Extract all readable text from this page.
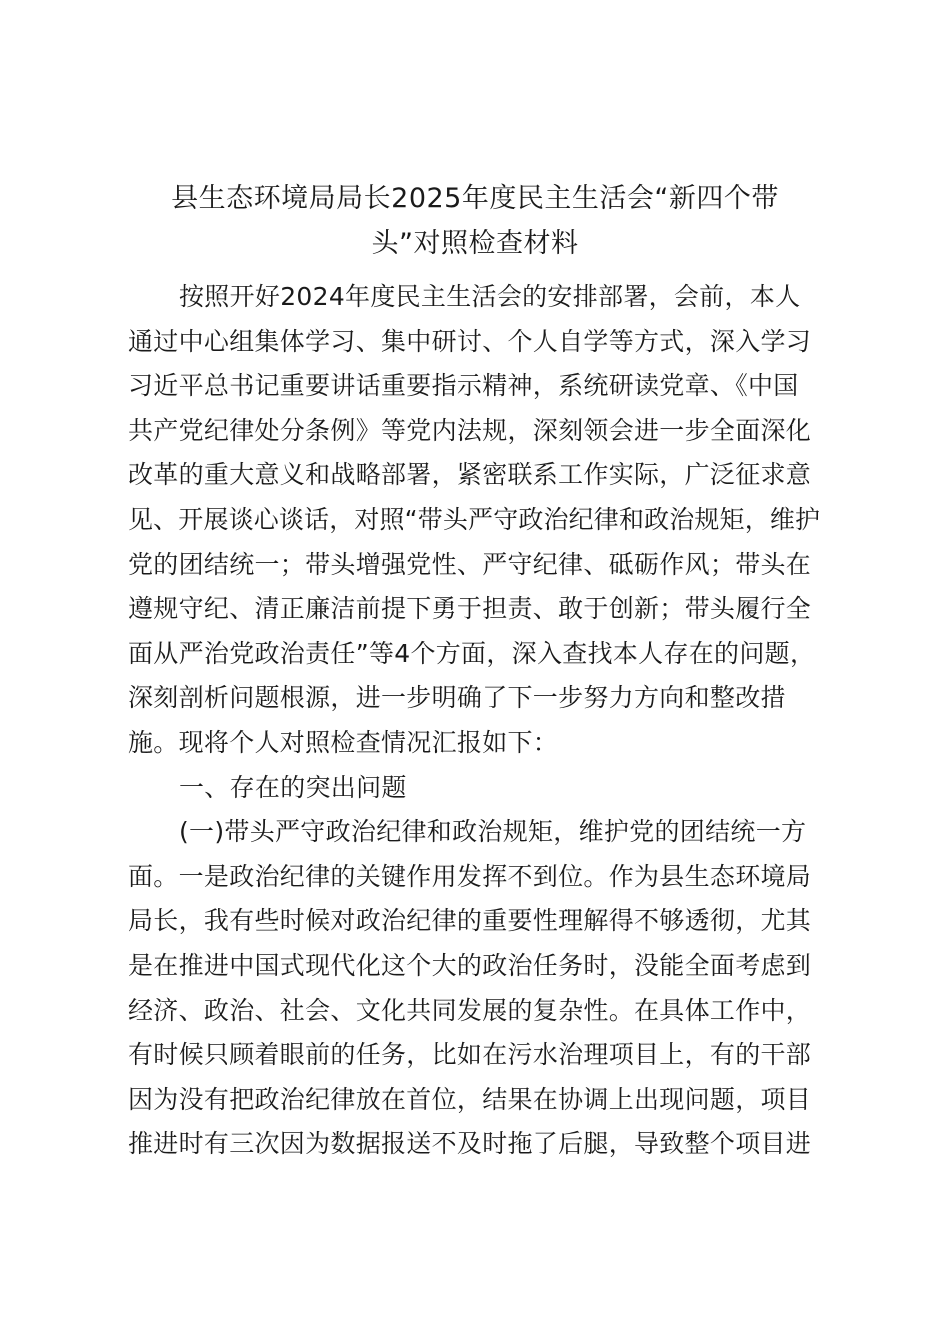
县生态环境局局长2025年度民主生活会“新四个带
头”对照检查材料
按照开好2024年度民主生活会的安排部署，会前，本人
通过中心组集体学习、集中研讨、个人自学等方式，深入学习
习近平总书记重要讲话重要指示精神，系统研读党章、《中国
共产党纪律处分条例》等党内法规，深刻领会进一步全面深化
改革的重大意义和战略部署，紧密联系工作实际，广泛征求意
见、开展谈心谈话，对照“带头严守政治纪律和政治规矩，维护
党的团结统一；带头增强党性、严守纪律、砥砺作风；带头在
遵规守纪、清正廉洁前提下勇于担责、敢于创新；带头履行全
面从严治党政治责任”等4个方面，深入查找本人存在的问题，
深刻剖析问题根源，进一步明确了下一步努力方向和整改措
施。现将个人对照检查情况汇报如下：
一、存在的突出问题
(一)带头严守政治纪律和政治规矩，维护党的团结统一方
面。一是政治纪律的关键作用发挥不到位。作为县生态环境局
局长，我有些时候对政治纪律的重要性理解得不够透彻，尤其
是在推进中国式现代化这个大的政治任务时，没能全面考虑到
经济、政治、社会、文化共同发展的复杂性。在具体工作中，
有时候只顾着眼前的任务，比如在污水治理项目上，有的干部
因为没有把政治纪律放在首位，结果在协调上出现问题，项目
推进时有三次因为数据报送不及时拖了后腿，导致整个项目进
